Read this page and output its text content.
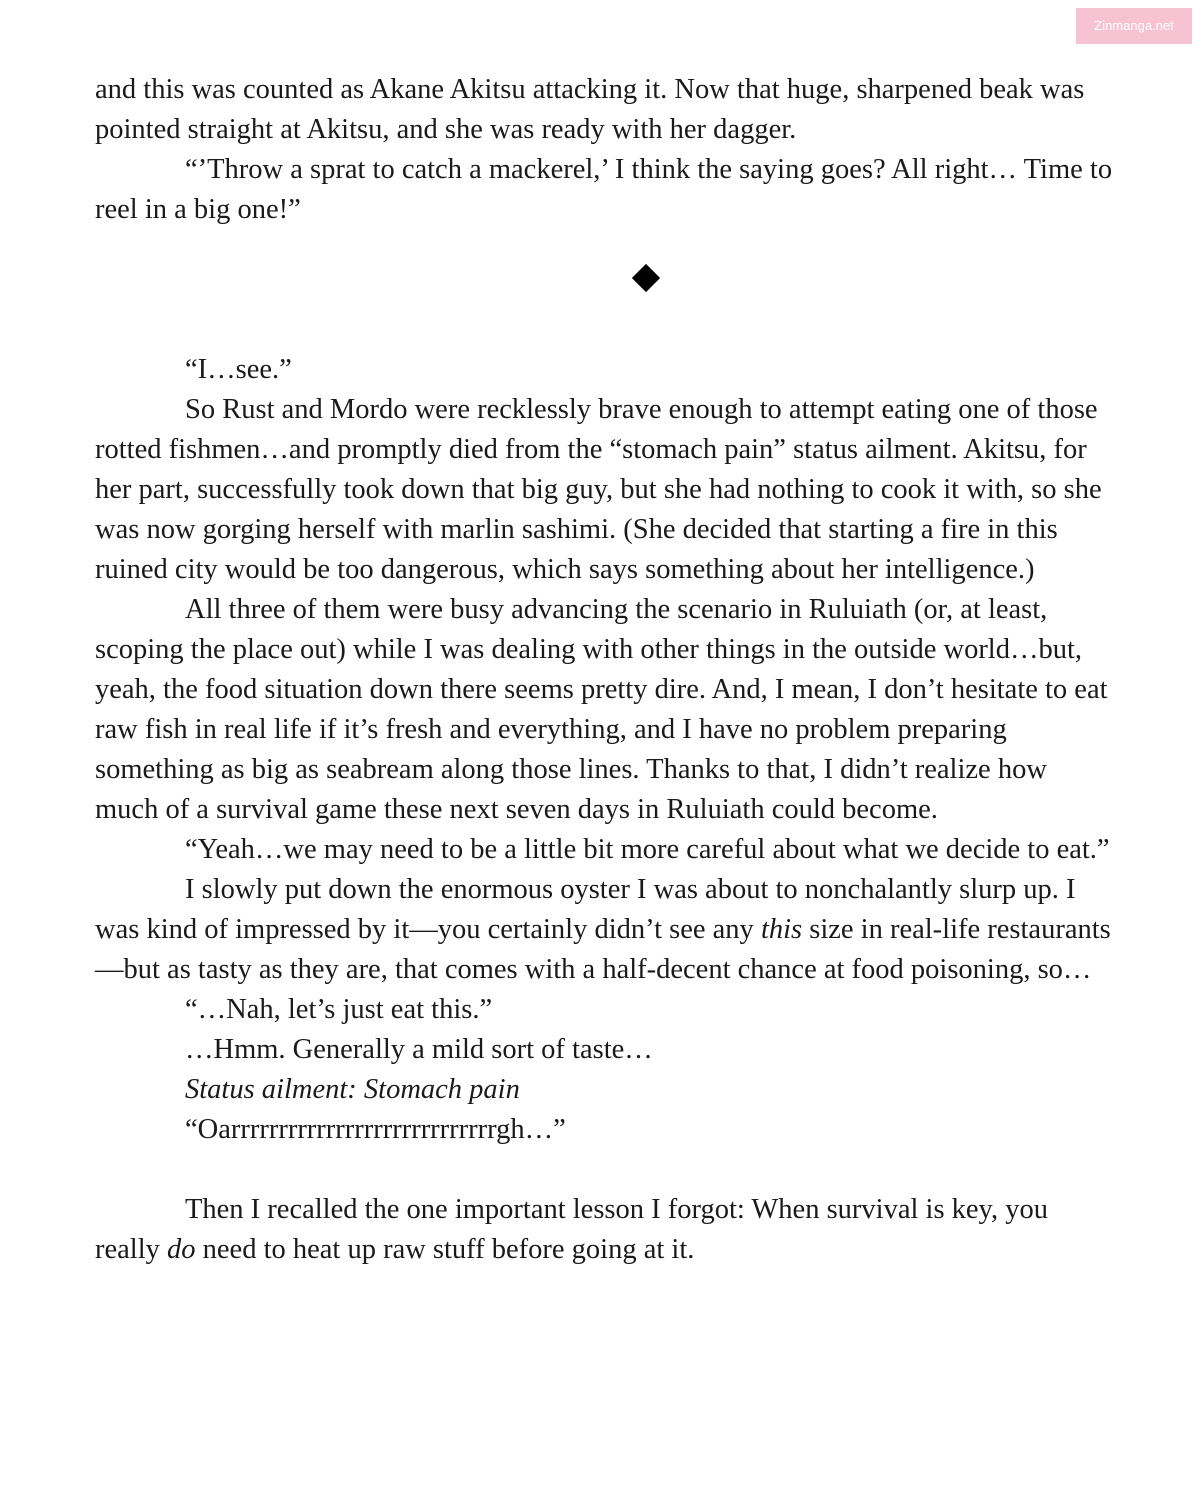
Zinmanga.net

and this was counted as Akane Akitsu attacking it. Now that huge, sharpened beak was pointed straight at Akitsu, and she was ready with her dagger.

“’Throw a sprat to catch a mackerel,’ I think the saying goes? All right… Time to reel in a big one!”

“I…see.”

So Rust and Mordo were recklessly brave enough to attempt eating one of those rotted fishmen…and promptly died from the “stomach pain” status ailment. Akitsu, for her part, successfully took down that big guy, but she had nothing to cook it with, so she was now gorging herself with marlin sashimi. (She decided that starting a fire in this ruined city would be too dangerous, which says something about her intelligence.)

All three of them were busy advancing the scenario in Ruluiath (or, at least, scoping the place out) while I was dealing with other things in the outside world…but, yeah, the food situation down there seems pretty dire. And, I mean, I don’t hesitate to eat raw fish in real life if it’s fresh and everything, and I have no problem preparing something as big as seabream along those lines. Thanks to that, I didn’t realize how much of a survival game these next seven days in Ruluiath could become.

“Yeah…we may need to be a little bit more careful about what we decide to eat.”

I slowly put down the enormous oyster I was about to nonchalantly slurp up. I was kind of impressed by it—you certainly didn’t see any this size in real-life restaurants—but as tasty as they are, that comes with a half-decent chance at food poisoning, so…

“…Nah, let’s just eat this.”

…Hmm. Generally a mild sort of taste…

Status ailment: Stomach pain

“Oarrrrrrrrrrrrrrrrrrrrrrrrrrrrgh…”

Then I recalled the one important lesson I forgot: When survival is key, you really do need to heat up raw stuff before going at it.
